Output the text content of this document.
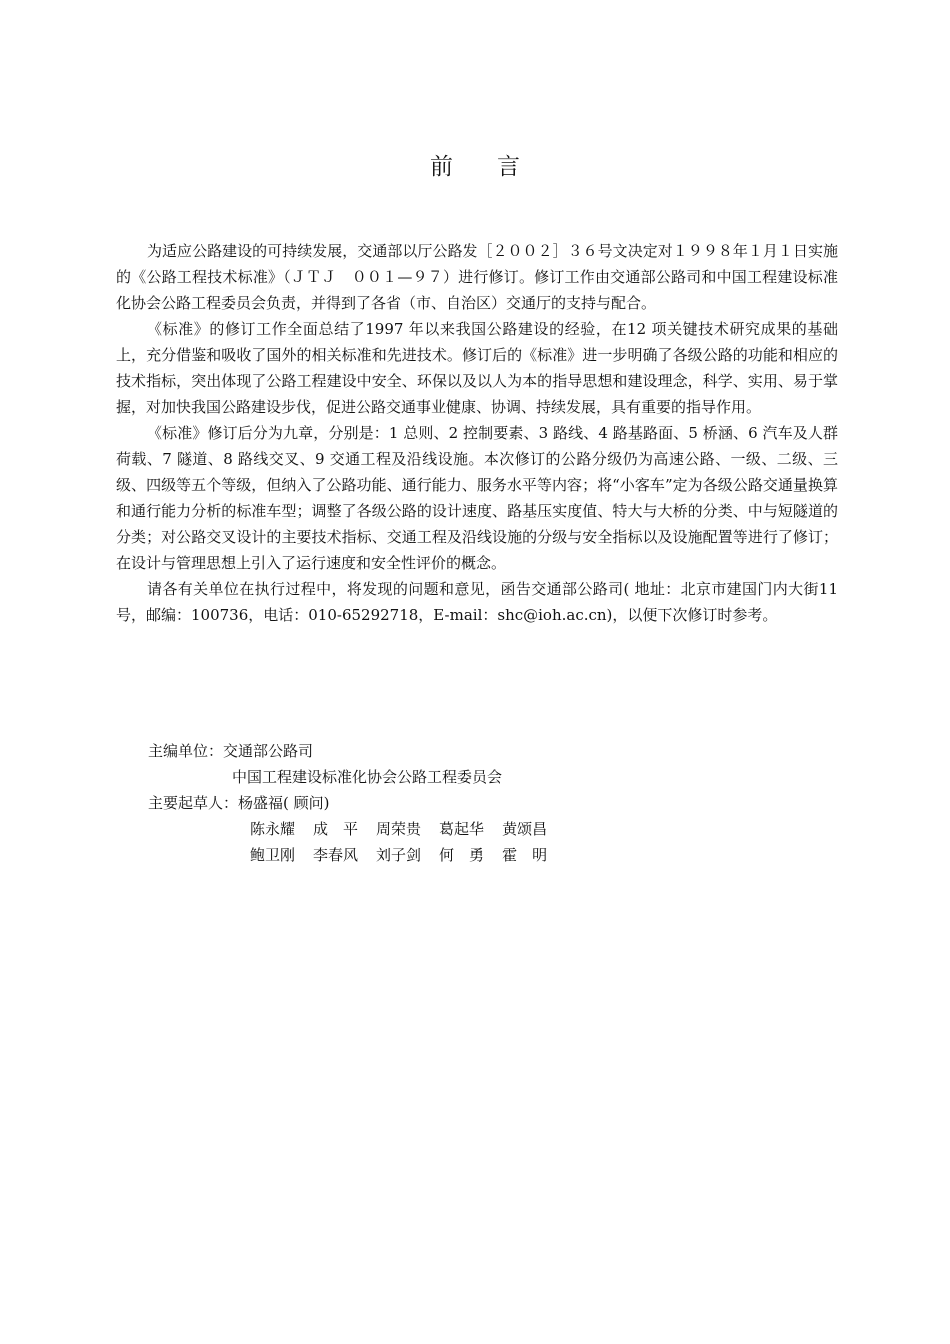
前 言

为适应公路建设的可持续发展，交通部以厅公路发［２００２］３６号文决定对１９９８年１月１日实施的《公路工程技术标准》（ＪＴＪ　００１—９７）进行修订。修订工作由交通部公路司和中国工程建设标准化协会公路工程委员会负责，并得到了各省（市、自治区）交通厅的支持与配合。

《标准》的修订工作全面总结了1997 年以来我国公路建设的经验，在12 项关键技术研究成果的基础上，充分借鉴和吸收了国外的相关标准和先进技术。修订后的《标准》进一步明确了各级公路的功能和相应的技术指标，突出体现了公路工程建设中安全、环保以及以人为本的指导思想和建设理念，科学、实用、易于掌握，对加快我国公路建设步伐，促进公路交通事业健康、协调、持续发展，具有重要的指导作用。

《标准》修订后分为九章，分别是：1 总则、2 控制要素、3 路线、4 路基路面、5 桥涵、6 汽车及人群荷载、7 隧道、8 路线交叉、9 交通工程及沿线设施。本次修订的公路分级仍为高速公路、一级、二级、三级、四级等五个等级，但纳入了公路功能、通行能力、服务水平等内容；将“小客车”定为各级公路交通量换算和通行能力分析的标准车型；调整了各级公路的设计速度、路基压实度值、特大与大桥的分类、中与短隧道的分类；对公路交叉设计的主要技术指标、交通工程及沿线设施的分级与安全指标以及设施配置等进行了修订；在设计与管理思想上引入了运行速度和安全性评价的概念。

请各有关单位在执行过程中，将发现的问题和意见，函告交通部公路司( 地址：北京市建国门内大街11 号，邮编：100736，电话：010-65292718，E-mail：shc@ioh.ac.cn)，以便下次修订时参考。

主编单位： 交通部公路司
中国工程建设标准化协会公路工程委员会
主要起草人： 杨盛福( 顾问)
陈永耀 成　平 周荣贵 葛起华 黄颂昌
鲍卫刚 李春风 刘子剑 何　勇 霍　明
